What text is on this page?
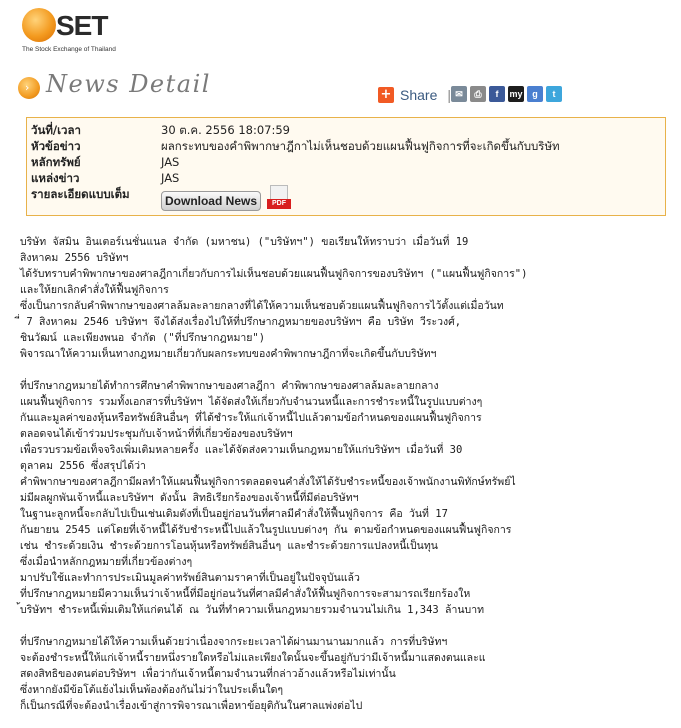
SET
The Stock Exchange of Thailand
› News Detail	+ Share | ✉	⎙	f	my	g	t
วันที่/เวลา	30 ต.ค. 2556 18:07:59
หัวข้อข่าว	ผลกระทบของคำพิพากษาฎีกาไม่เห็นชอบด้วยแผนฟื้นฟูกิจการที่จะเกิดขึ้นกับบริษัท
หลักทรัพย์	JAS
แหล่งข่าว	JAS
รายละเอียดแบบเต็ม	Download News	PDF
บริษัท จัสมิน อินเตอร์เนชั่นแนล จำกัด (มหาชน) ("บริษัทฯ") ขอเรียนให้ทราบว่า เมื่อวันที่ 19
สิงหาคม 2556 บริษัทฯ
ได้รับทราบคำพิพากษาของศาลฎีกาเกี่ยวกับการไม่เห็นชอบด้วยแผนฟื้นฟูกิจการของบริษัทฯ ("แผนฟื้นฟูกิจการ")
และให้ยกเลิกคำสั่งให้ฟื้นฟูกิจการ
ซึ่งเป็นการกลับคำพิพากษาของศาลล้มละลายกลางที่ได้ให้ความเห็นชอบด้วยแผนฟื้นฟูกิจการไว้ตั้งแต่เมื่อวันท
ี่ 7 สิงหาคม 2546 บริษัทฯ จึงได้ส่งเรื่องไปให้ที่ปรึกษากฎหมายของบริษัทฯ คือ บริษัท วีระวงศ์,
ชินวัฒน์ และเพียงพนอ จำกัด ("ที่ปรึกษากฎหมาย")
พิจารณาให้ความเห็นทางกฎหมายเกี่ยวกับผลกระทบของคำพิพากษาฎีกาที่จะเกิดขึ้นกับบริษัทฯ
ที่ปรึกษากฎหมายได้ทำการศึกษาคำพิพากษาของศาลฎีกา คำพิพากษาของศาลล้มละลายกลาง
แผนฟื้นฟูกิจการ รวมทั้งเอกสารที่บริษัทฯ ได้จัดส่งให้เกี่ยวกับจำนวนหนี้และการชำระหนี้ในรูปแบบต่างๆ
กันและมูลค่าของหุ้นหรือทรัพย์สินอื่นๆ ที่ได้ชำระให้แก่เจ้าหนี้ไปแล้วตามข้อกำหนดของแผนฟื้นฟูกิจการ
ตลอดจนได้เข้าร่วมประชุมกับเจ้าหน้าที่ที่เกี่ยวข้องของบริษัทฯ
เพื่อรวบรวมข้อเท็จจริงเพิ่มเติมหลายครั้ง และได้จัดส่งความเห็นกฎหมายให้แก่บริษัทฯ เมื่อวันที่ 30
ตุลาคม 2556 ซึ่งสรุปได้ว่า
คำพิพากษาของศาลฎีกามีผลทำให้แผนฟื้นฟูกิจการตลอดจนคำสั่งให้ได้รับชำระหนี้ของเจ้าพนักงานพิทักษ์ทรัพย์ไ
ม่มีผลผูกพันเจ้าหนี้และบริษัทฯ ดังนั้น สิทธิเรียกร้องของเจ้าหนี้ที่มีต่อบริษัทฯ
ในฐานะลูกหนี้จะกลับไปเป็นเช่นเดิมดังที่เป็นอยู่ก่อนวันที่ศาลมีคำสั่งให้ฟื้นฟูกิจการ คือ วันที่ 17
กันยายน 2545 แต่โดยที่เจ้าหนี้ได้รับชำระหนี้ไปแล้วในรูปแบบต่างๆ กัน ตามข้อกำหนดของแผนฟื้นฟูกิจการ
เช่น ชำระด้วยเงิน ชำระด้วยการโอนหุ้นหรือทรัพย์สินอื่นๆ และชำระด้วยการแปลงหนี้เป็นทุน
ซึ่งเมื่อนำหลักกฎหมายที่เกี่ยวข้องต่างๆ
มาปรับใช้และทำการประเมินมูลค่าทรัพย์สินตามราคาที่เป็นอยู่ในปัจจุบันแล้ว
ที่ปรึกษากฎหมายมีความเห็นว่าเจ้าหนี้ที่มีอยู่ก่อนวันที่ศาลมีคำสั่งให้ฟื้นฟูกิจการจะสามารถเรียกร้องให
้บริษัทฯ ชำระหนี้เพิ่มเติมให้แก่ตนได้ ณ วันที่ทำความเห็นกฎหมายรวมจำนวนไม่เกิน 1,343 ล้านบาท
ที่ปรึกษากฎหมายได้ให้ความเห็นด้วยว่าเนื่องจากระยะเวลาได้ผ่านมานานมากแล้ว การที่บริษัทฯ
จะต้องชำระหนี้ให้แก่เจ้าหนี้รายหนึ่งรายใดหรือไม่และเพียงใดนั้นจะขึ้นอยู่กับว่ามีเจ้าหนี้มาแสดงตนและแ
สดงสิทธิของตนต่อบริษัทฯ เพื่อว่ากันเจ้าหนี้ตามจำนวนที่กล่าวอ้างแล้วหรือไม่เท่านั้น
ซึ่งหากยังมีข้อโต้แย้งไม่เห็นพ้องต้องกันไม่ว่าในประเด็นใดๆ
ก็เป็นกรณีที่จะต้องนำเรื่องเข้าสู่การพิจารณาเพื่อหาข้อยุติกันในศาลแพ่งต่อไป
